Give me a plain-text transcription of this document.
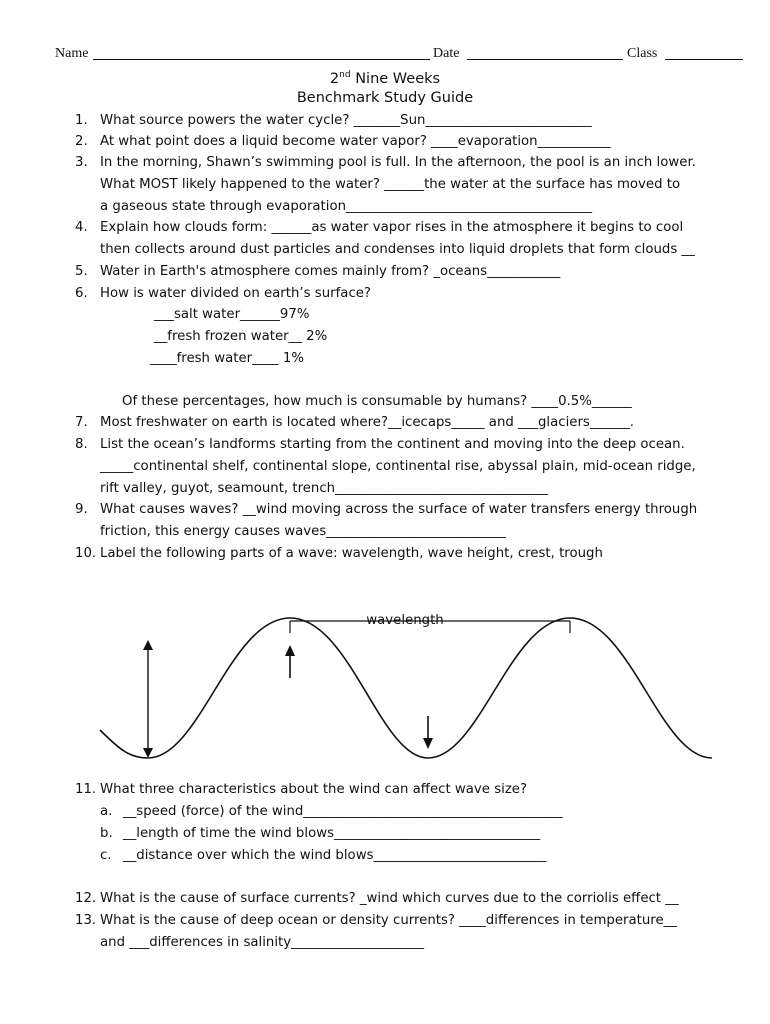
Name	Date	Class
2nd Nine Weeks
Benchmark Study Guide
1. What source powers the water cycle? _______Sun_________________________
2. At what point does a liquid become water vapor? ____evaporation___________
3. In the morning, Shawn’s swimming pool is full. In the afternoon, the pool is an inch lower.
What MOST likely happened to the water? ______the water at the surface has moved to
a gaseous state through evaporation_____________________________________
4. Explain how clouds form: ______as water vapor rises in the atmosphere it begins to cool
then collects around dust particles and condenses into liquid droplets that form clouds __
5. Water in Earth's atmosphere comes mainly from? _oceans___________
6. How is water divided on earth’s surface?
___salt water______97%
__fresh frozen water__ 2%
____fresh water____ 1%
Of these percentages, how much is consumable by humans? ____0.5%______
7. Most freshwater on earth is located where?__icecaps_____ and ___glaciers______.
8. List the ocean’s landforms starting from the continent and moving into the deep ocean.
_____continental shelf, continental slope, continental rise, abyssal plain, mid-ocean ridge,
rift valley, guyot, seamount, trench________________________________
9. What causes waves? __wind moving across the surface of water transfers energy through
friction, this energy causes waves___________________________
10. Label the following parts of a wave: wavelength, wave height, crest, trough
wavelength
11. What three characteristics about the wind can affect wave size?
a. __speed (force) of the wind_______________________________________
b. __length of time the wind blows_______________________________
c. __distance over which the wind blows__________________________
12. What is the cause of surface currents? _wind which curves due to the corriolis effect __
13. What is the cause of deep ocean or density currents? ____differences in temperature__
and ___differences in salinity____________________
